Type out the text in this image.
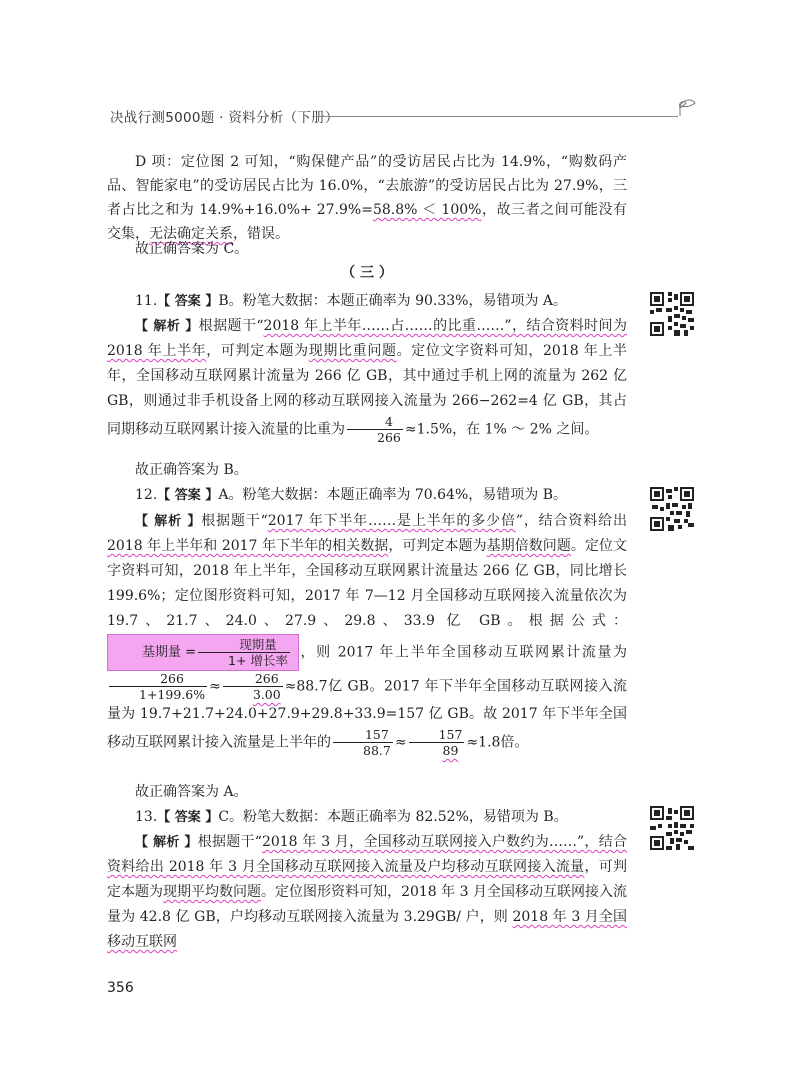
决战行测5000题 · 资料分析（下册）

D 项：定位图 2 可知，“购保健产品”的受访居民占比为 14.9%，“购数码产品、智能家电”的受访居民占比为 16.0%，“去旅游”的受访居民占比为 27.9%，三者占比之和为 14.9%+16.0%+ 27.9%=58.8% ＜ 100%，故三者之间可能没有交集，无法确定关系，错误。

故正确答案为 C。

（ 三 ）

11.【 答案 】B。粉笔大数据：本题正确率为 90.33%，易错项为 A。

【 解析 】根据题干“2018 年上半年……占……的比重……”，结合资料时间为 2018 年上半年，可判定本题为现期比重问题。定位文字资料可知，2018 年上半年，全国移动互联网累计流量为 266 亿 GB，其中通过手机上网的流量为 262 亿 GB，则通过非手机设备上网的移动互联网接入流量为 266−262=4 亿 GB，其占同期移动互联网累计接入流量的比重为 $\frac{4}{266} \approx 1.5\%$，在 1% ～ 2% 之间。

故正确答案为 B。

12.【 答案 】A。粉笔大数据：本题正确率为 70.64%，易错项为 B。

【 解析 】根据题干“2017 年下半年……是上半年的多少倍”，结合资料给出 2018 年上半年和 2017 年下半年的相关数据，可判定本题为基期倍数问题。定位文字资料可知，2018 年上半年，全国移动互联网累计流量达 266 亿 GB，同比增长 199.6%；定位图形资料可知，2017 年 7—12 月全国移动互联网接入流量依次为 19.7、21.7、24.0、27.9、29.8、33.9 亿 GB。根据公式：基期量 = $\frac{\text{现期量}}{\text{1+ 增长率}}$ ，则 2017 年上半年全国移动互联网累计流量为
$\frac{266}{1+199.6\%} \approx \frac{266}{3.00} \approx 88.7$亿 GB。2017 年下半年全国移动互联网接入流量为 19.7+21.7+24.0+27.9+29.8+33.9=157 亿 GB。故 2017 年下半年全国移动互联网累计接入流量是上半年的 $\frac{157}{88.7} \approx \frac{157}{89} \approx 1.8$倍。

故正确答案为 A。

13.【 答案 】C。粉笔大数据：本题正确率为 82.52%，易错项为 B。

【 解析 】根据题干“2018 年 3 月，全国移动互联网接入户数约为……”，结合资料给出 2018 年 3 月全国移动互联网接入流量及户均移动互联网接入流量，可判定本题为现期平均数问题。定位图形资料可知，2018 年 3 月全国移动互联网接入流量为 42.8 亿 GB，户均移动互联网接入流量为 3.29GB/ 户，则 2018 年 3 月全国移动互联网

356
